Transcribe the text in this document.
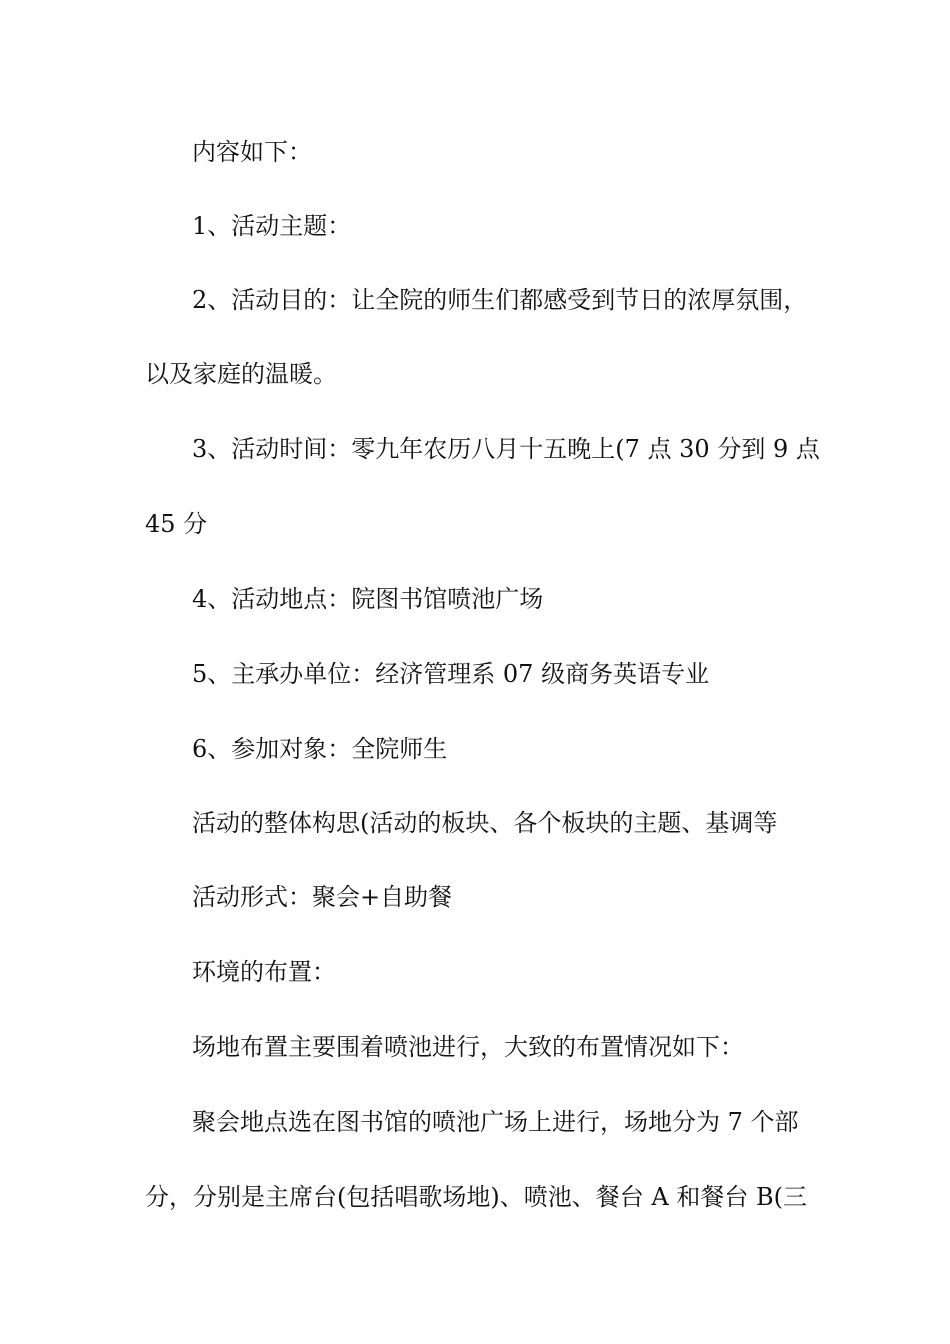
内容如下：
1、活动主题：
2、活动目的：让全院的师生们都感受到节日的浓厚氛围，
以及家庭的温暖。
3、活动时间：零九年农历八月十五晚上(7 点 30 分到 9 点
45 分
4、活动地点：院图书馆喷池广场
5、主承办单位：经济管理系 07 级商务英语专业
6、参加对象：全院师生
活动的整体构思(活动的板块、各个板块的主题、基调等
活动形式：聚会+自助餐
环境的布置：
场地布置主要围着喷池进行，大致的布置情况如下：
聚会地点选在图书馆的喷池广场上进行，场地分为 7 个部
分，分别是主席台(包括唱歌场地)、喷池、餐台 A 和餐台 B(三
